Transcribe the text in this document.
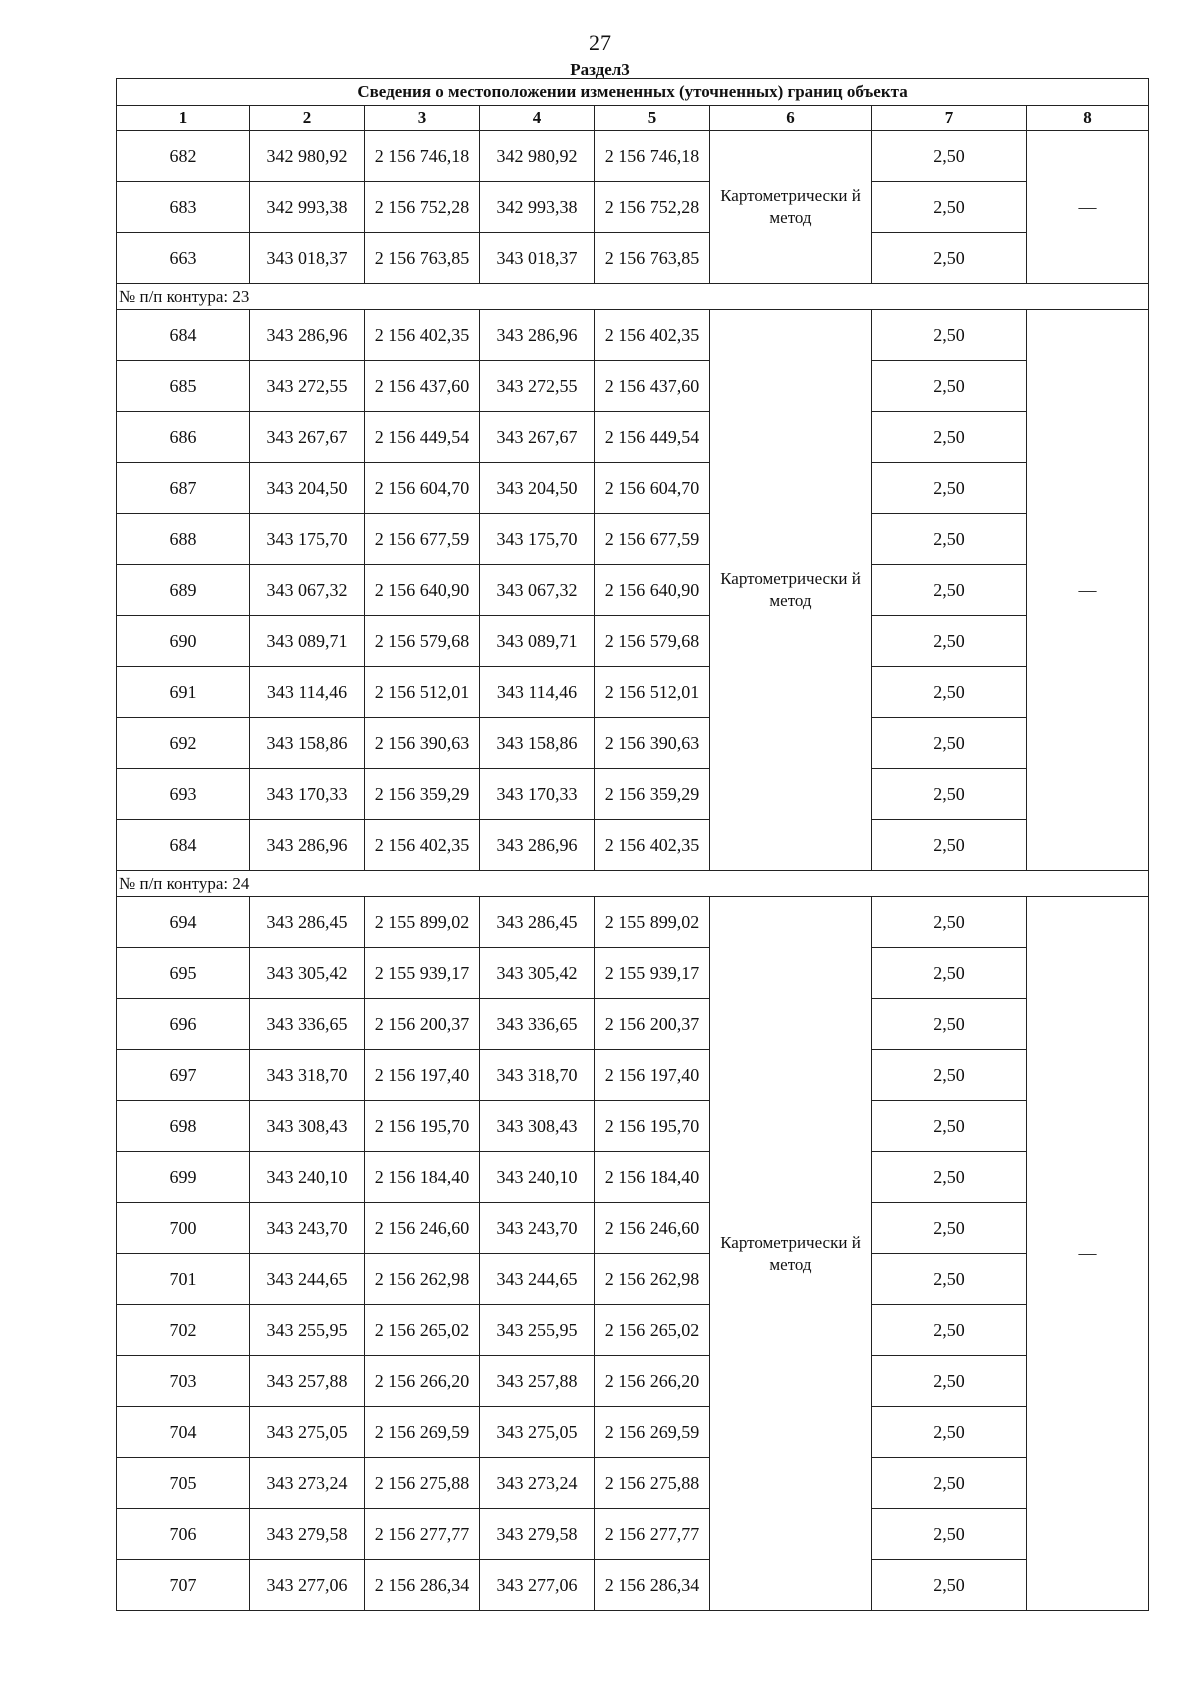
27
Раздел3
Сведения о местоположении измененных (уточненных) границ объекта							
1	2	3	4	5	6	7	8
682	342 980,92	2 156 746,18	342 980,92	2 156 746,18	Картометрически й метод	2,50	—
683	342 993,38	2 156 752,28	342 993,38	2 156 752,28		2,50	
663	343 018,37	2 156 763,85	343 018,37	2 156 763,85		2,50	
№ п/п контура: 23							
684	343 286,96	2 156 402,35	343 286,96	2 156 402,35	Картометрически й метод	2,50	—
685	343 272,55	2 156 437,60	343 272,55	2 156 437,60		2,50	
686	343 267,67	2 156 449,54	343 267,67	2 156 449,54		2,50	
687	343 204,50	2 156 604,70	343 204,50	2 156 604,70		2,50	
688	343 175,70	2 156 677,59	343 175,70	2 156 677,59		2,50	
689	343 067,32	2 156 640,90	343 067,32	2 156 640,90		2,50	
690	343 089,71	2 156 579,68	343 089,71	2 156 579,68		2,50	
691	343 114,46	2 156 512,01	343 114,46	2 156 512,01		2,50	
692	343 158,86	2 156 390,63	343 158,86	2 156 390,63		2,50	
693	343 170,33	2 156 359,29	343 170,33	2 156 359,29		2,50	
684	343 286,96	2 156 402,35	343 286,96	2 156 402,35		2,50	
№ п/п контура: 24							
694	343 286,45	2 155 899,02	343 286,45	2 155 899,02	Картометрически й метод	2,50	—
695	343 305,42	2 155 939,17	343 305,42	2 155 939,17		2,50	
696	343 336,65	2 156 200,37	343 336,65	2 156 200,37		2,50	
697	343 318,70	2 156 197,40	343 318,70	2 156 197,40		2,50	
698	343 308,43	2 156 195,70	343 308,43	2 156 195,70		2,50	
699	343 240,10	2 156 184,40	343 240,10	2 156 184,40		2,50	
700	343 243,70	2 156 246,60	343 243,70	2 156 246,60		2,50	
701	343 244,65	2 156 262,98	343 244,65	2 156 262,98		2,50	
702	343 255,95	2 156 265,02	343 255,95	2 156 265,02		2,50	
703	343 257,88	2 156 266,20	343 257,88	2 156 266,20		2,50	
704	343 275,05	2 156 269,59	343 275,05	2 156 269,59		2,50	
705	343 273,24	2 156 275,88	343 273,24	2 156 275,88		2,50	
706	343 279,58	2 156 277,77	343 279,58	2 156 277,77		2,50	
707	343 277,06	2 156 286,34	343 277,06	2 156 286,34		2,50	
